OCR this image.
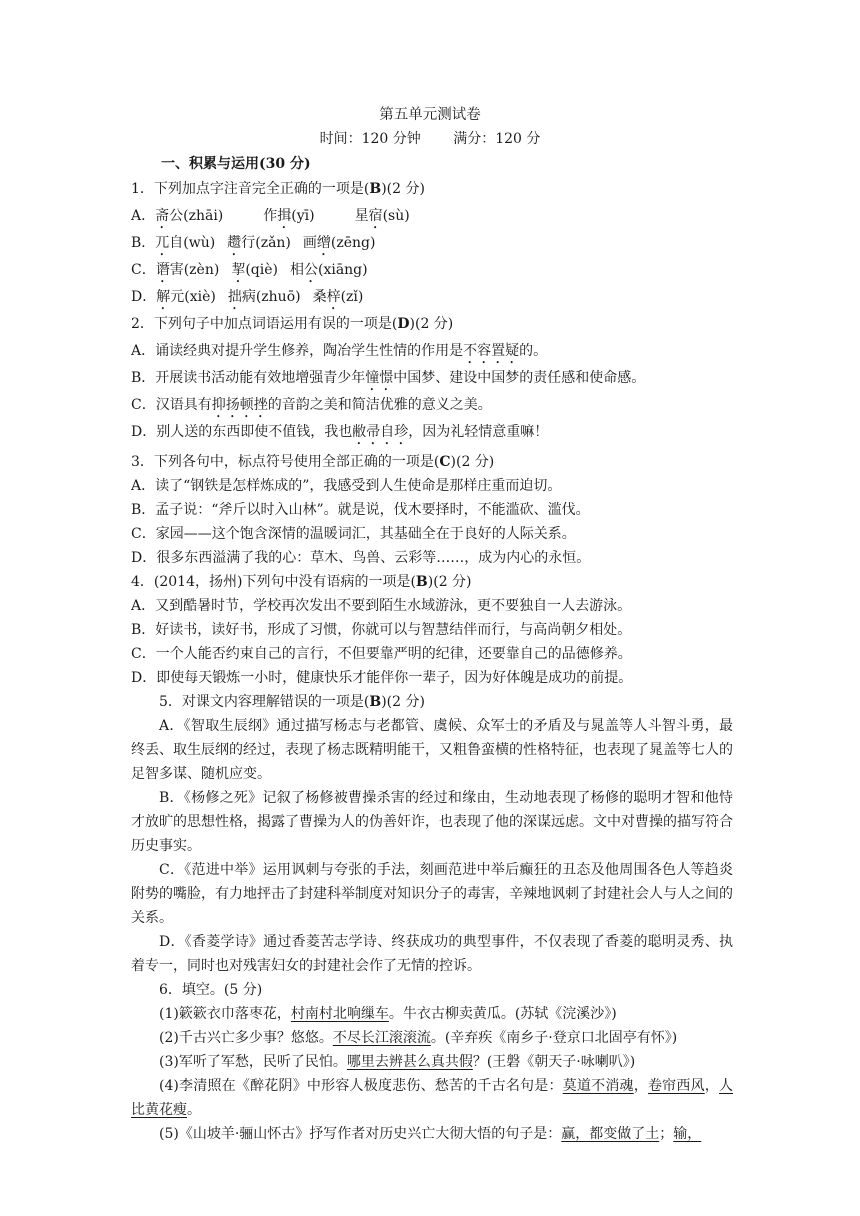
第五单元测试卷
时间：120 分钟 满分：120 分
一、积累与运用(30 分)
1．下列加点字注音完全正确的一项是(B)(2 分)
A．斋公(zhāi)	作揖(yī)	星宿(sù)
B．兀自(wù) 趱行(zǎn) 画缯(zēng)
C．谮害(zèn) 挈(qiè) 相公(xiāng)
D．解元(xiè) 拙病(zhuō) 桑梓(zǐ)
2．下列句子中加点词语运用有误的一项是(D)(2 分)
A．诵读经典对提升学生修养，陶冶学生性情的作用是不容置疑的。
B．开展读书活动能有效地增强青少年憧憬中国梦、建设中国梦的责任感和使命感。
C．汉语具有抑扬顿挫的音韵之美和简洁优雅的意义之美。
D．别人送的东西即使不值钱，我也敝帚自珍，因为礼轻情意重嘛！
3．下列各句中，标点符号使用全部正确的一项是(C)(2 分)
A．读了“钢铁是怎样炼成的”，我感受到人生使命是那样庄重而迫切。
B．孟子说：“斧斤以时入山林”。就是说，伐木要择时，不能滥砍、滥伐。
C．家园——这个饱含深情的温暖词汇，其基础全在于良好的人际关系。
D．很多东西溢满了我的心：草木、鸟兽、云彩等……，成为内心的永恒。
4．(2014，扬州)下列句中没有语病的一项是(B)(2 分)
A．又到酷暑时节，学校再次发出不要到陌生水域游泳，更不要独自一人去游泳。
B．好读书，读好书，形成了习惯，你就可以与智慧结伴而行，与高尚朝夕相处。
C．一个人能否约束自己的言行，不但要靠严明的纪律，还要靠自己的品德修养。
D．即使每天锻炼一小时，健康快乐才能伴你一辈子，因为好体魄是成功的前提。
5．对课文内容理解错误的一项是(B)(2 分)
A．《智取生辰纲》通过描写杨志与老都管、虞候、众军士的矛盾及与晁盖等人斗智斗勇，最终丢、取生辰纲的经过，表现了杨志既精明能干，又粗鲁蛮横的性格特征，也表现了晁盖等七人的足智多谋、随机应变。
B．《杨修之死》记叙了杨修被曹操杀害的经过和缘由，生动地表现了杨修的聪明才智和他恃才放旷的思想性格，揭露了曹操为人的伪善奸诈，也表现了他的深谋远虑。文中对曹操的描写符合历史事实。
C．《范进中举》运用讽刺与夸张的手法，刻画范进中举后癫狂的丑态及他周围各色人等趋炎附势的嘴脸，有力地抨击了封建科举制度对知识分子的毒害，辛辣地讽刺了封建社会人与人之间的关系。
D．《香菱学诗》通过香菱苦志学诗、终获成功的典型事件，不仅表现了香菱的聪明灵秀、执着专一，同时也对残害妇女的封建社会作了无情的控诉。
6．填空。(5 分)
(1)簌簌衣巾落枣花，村南村北响缫车。牛衣古柳卖黄瓜。(苏轼《浣溪沙》)
(2)千古兴亡多少事？悠悠。不尽长江滚滚流。(辛弃疾《南乡子·登京口北固亭有怀》)
(3)军听了军愁，民听了民怕。哪里去辨甚么真共假？(王磐《朝天子·咏喇叭》)
(4)李清照在《醉花阴》中形容人极度悲伤、愁苦的千古名句是：莫道不消魂，卷帘西风，人比黄花瘦。
(5)《山坡羊·骊山怀古》抒写作者对历史兴亡大彻大悟的句子是：赢，都变做了土；输，
